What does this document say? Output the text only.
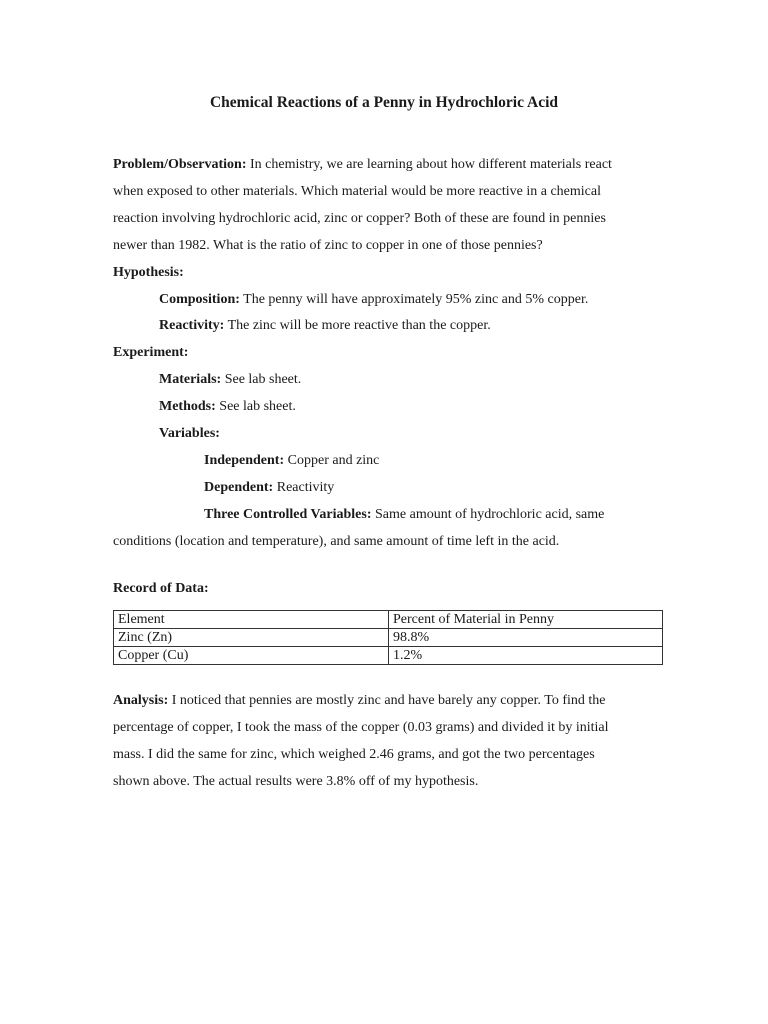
Chemical Reactions of a Penny in Hydrochloric Acid
Problem/Observation: In chemistry, we are learning about how different materials react
when exposed to other materials. Which material would be more reactive in a chemical
reaction involving hydrochloric acid, zinc or copper? Both of these are found in pennies
newer than 1982. What is the ratio of zinc to copper in one of those pennies?
Hypothesis:
Composition: The penny will have approximately 95% zinc and 5% copper.
Reactivity: The zinc will be more reactive than the copper.
Experiment:
Materials: See lab sheet.
Methods: See lab sheet.
Variables:
Independent: Copper and zinc
Dependent: Reactivity
Three Controlled Variables: Same amount of hydrochloric acid, same
conditions (location and temperature), and same amount of time left in the acid.
Record of Data:
Element	Percent of Material in Penny
Zinc (Zn)	98.8%
Copper (Cu)	1.2%
Analysis: I noticed that pennies are mostly zinc and have barely any copper. To find the
percentage of copper, I took the mass of the copper (0.03 grams) and divided it by initial
mass. I did the same for zinc, which weighed 2.46 grams, and got the two percentages
shown above. The actual results were 3.8% off of my hypothesis.
